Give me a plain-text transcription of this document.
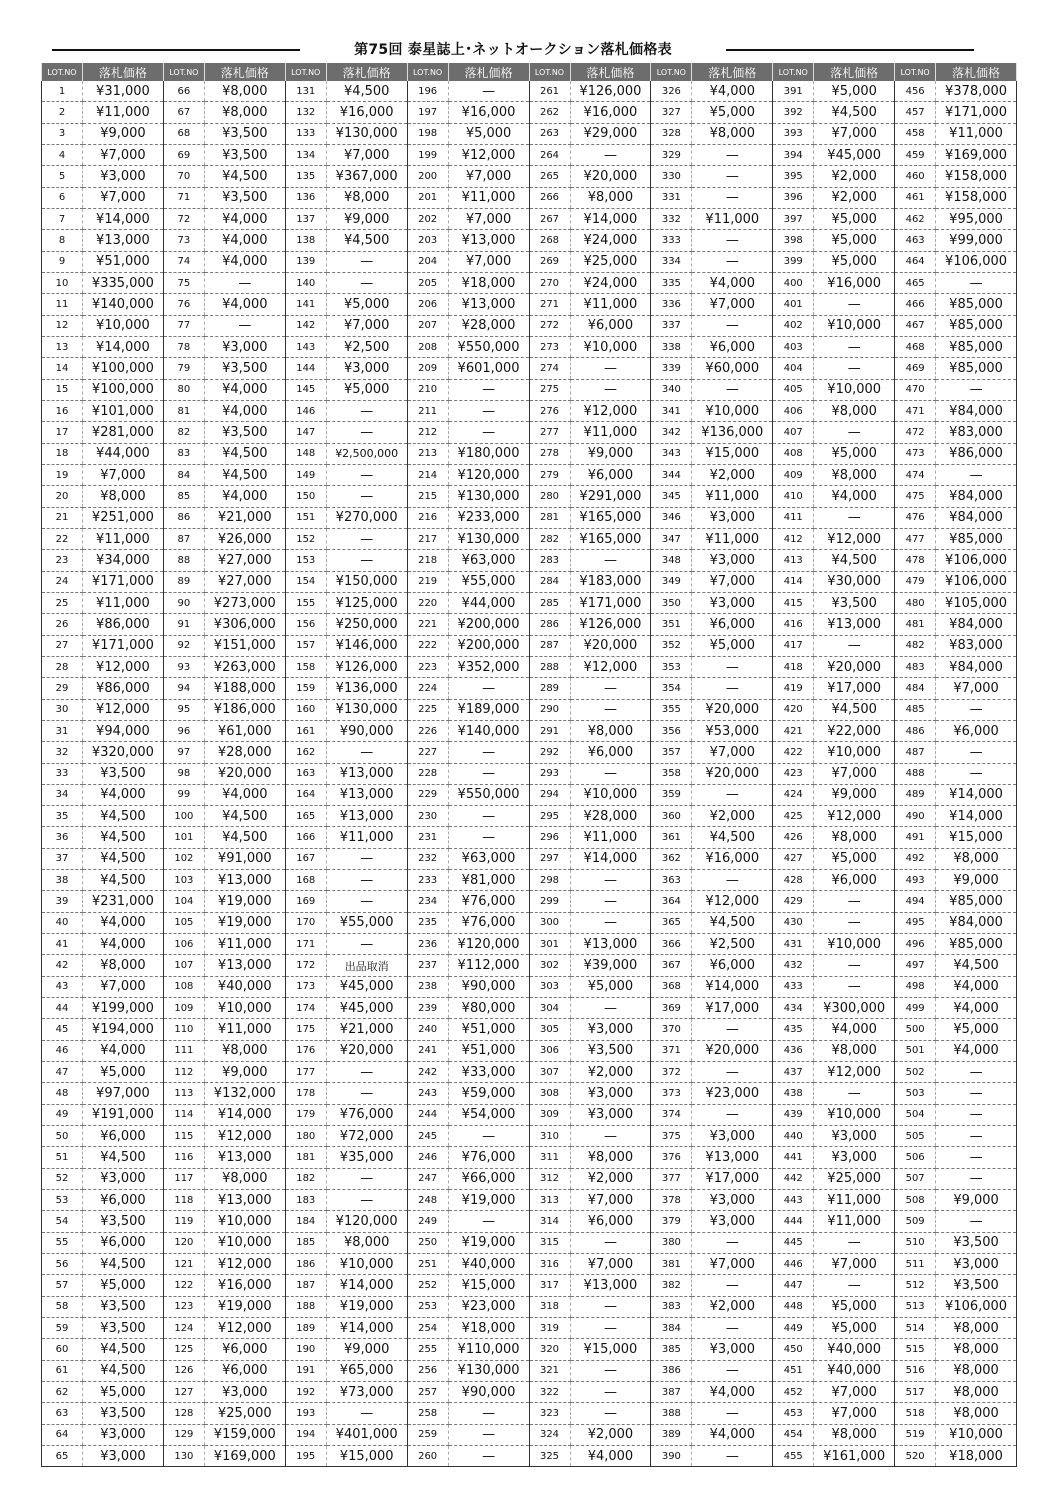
第75回 泰星誌上･ネットオークション落札価格表
LOT.NO	落札価格	LOT.NO	落札価格	LOT.NO	落札価格	LOT.NO	落札価格	LOT.NO	落札価格	LOT.NO	落札価格	LOT.NO	落札価格	LOT.NO	落札価格
1	¥31,000	66	¥8,000	131	¥4,500	196	—	261	¥126,000	326	¥4,000	391	¥5,000	456	¥378,000
2	¥11,000	67	¥8,000	132	¥16,000	197	¥16,000	262	¥16,000	327	¥5,000	392	¥4,500	457	¥171,000
3	¥9,000	68	¥3,500	133	¥130,000	198	¥5,000	263	¥29,000	328	¥8,000	393	¥7,000	458	¥11,000
4	¥7,000	69	¥3,500	134	¥7,000	199	¥12,000	264	—	329	—	394	¥45,000	459	¥169,000
5	¥3,000	70	¥4,500	135	¥367,000	200	¥7,000	265	¥20,000	330	—	395	¥2,000	460	¥158,000
6	¥7,000	71	¥3,500	136	¥8,000	201	¥11,000	266	¥8,000	331	—	396	¥2,000	461	¥158,000
7	¥14,000	72	¥4,000	137	¥9,000	202	¥7,000	267	¥14,000	332	¥11,000	397	¥5,000	462	¥95,000
8	¥13,000	73	¥4,000	138	¥4,500	203	¥13,000	268	¥24,000	333	—	398	¥5,000	463	¥99,000
9	¥51,000	74	¥4,000	139	—	204	¥7,000	269	¥25,000	334	—	399	¥5,000	464	¥106,000
10	¥335,000	75	—	140	—	205	¥18,000	270	¥24,000	335	¥4,000	400	¥16,000	465	—
11	¥140,000	76	¥4,000	141	¥5,000	206	¥13,000	271	¥11,000	336	¥7,000	401	—	466	¥85,000
12	¥10,000	77	—	142	¥7,000	207	¥28,000	272	¥6,000	337	—	402	¥10,000	467	¥85,000
13	¥14,000	78	¥3,000	143	¥2,500	208	¥550,000	273	¥10,000	338	¥6,000	403	—	468	¥85,000
14	¥100,000	79	¥3,500	144	¥3,000	209	¥601,000	274	—	339	¥60,000	404	—	469	¥85,000
15	¥100,000	80	¥4,000	145	¥5,000	210	—	275	—	340	—	405	¥10,000	470	—
16	¥101,000	81	¥4,000	146	—	211	—	276	¥12,000	341	¥10,000	406	¥8,000	471	¥84,000
17	¥281,000	82	¥3,500	147	—	212	—	277	¥11,000	342	¥136,000	407	—	472	¥83,000
18	¥44,000	83	¥4,500	148	¥2,500,000	213	¥180,000	278	¥9,000	343	¥15,000	408	¥5,000	473	¥86,000
19	¥7,000	84	¥4,500	149	—	214	¥120,000	279	¥6,000	344	¥2,000	409	¥8,000	474	—
20	¥8,000	85	¥4,000	150	—	215	¥130,000	280	¥291,000	345	¥11,000	410	¥4,000	475	¥84,000
21	¥251,000	86	¥21,000	151	¥270,000	216	¥233,000	281	¥165,000	346	¥3,000	411	—	476	¥84,000
22	¥11,000	87	¥26,000	152	—	217	¥130,000	282	¥165,000	347	¥11,000	412	¥12,000	477	¥85,000
23	¥34,000	88	¥27,000	153	—	218	¥63,000	283	—	348	¥3,000	413	¥4,500	478	¥106,000
24	¥171,000	89	¥27,000	154	¥150,000	219	¥55,000	284	¥183,000	349	¥7,000	414	¥30,000	479	¥106,000
25	¥11,000	90	¥273,000	155	¥125,000	220	¥44,000	285	¥171,000	350	¥3,000	415	¥3,500	480	¥105,000
26	¥86,000	91	¥306,000	156	¥250,000	221	¥200,000	286	¥126,000	351	¥6,000	416	¥13,000	481	¥84,000
27	¥171,000	92	¥151,000	157	¥146,000	222	¥200,000	287	¥20,000	352	¥5,000	417	—	482	¥83,000
28	¥12,000	93	¥263,000	158	¥126,000	223	¥352,000	288	¥12,000	353	—	418	¥20,000	483	¥84,000
29	¥86,000	94	¥188,000	159	¥136,000	224	—	289	—	354	—	419	¥17,000	484	¥7,000
30	¥12,000	95	¥186,000	160	¥130,000	225	¥189,000	290	—	355	¥20,000	420	¥4,500	485	—
31	¥94,000	96	¥61,000	161	¥90,000	226	¥140,000	291	¥8,000	356	¥53,000	421	¥22,000	486	¥6,000
32	¥320,000	97	¥28,000	162	—	227	—	292	¥6,000	357	¥7,000	422	¥10,000	487	—
33	¥3,500	98	¥20,000	163	¥13,000	228	—	293	—	358	¥20,000	423	¥7,000	488	—
34	¥4,000	99	¥4,000	164	¥13,000	229	¥550,000	294	¥10,000	359	—	424	¥9,000	489	¥14,000
35	¥4,500	100	¥4,500	165	¥13,000	230	—	295	¥28,000	360	¥2,000	425	¥12,000	490	¥14,000
36	¥4,500	101	¥4,500	166	¥11,000	231	—	296	¥11,000	361	¥4,500	426	¥8,000	491	¥15,000
37	¥4,500	102	¥91,000	167	—	232	¥63,000	297	¥14,000	362	¥16,000	427	¥5,000	492	¥8,000
38	¥4,500	103	¥13,000	168	—	233	¥81,000	298	—	363	—	428	¥6,000	493	¥9,000
39	¥231,000	104	¥19,000	169	—	234	¥76,000	299	—	364	¥12,000	429	—	494	¥85,000
40	¥4,000	105	¥19,000	170	¥55,000	235	¥76,000	300	—	365	¥4,500	430	—	495	¥84,000
41	¥4,000	106	¥11,000	171	—	236	¥120,000	301	¥13,000	366	¥2,500	431	¥10,000	496	¥85,000
42	¥8,000	107	¥13,000	172	出品取消	237	¥112,000	302	¥39,000	367	¥6,000	432	—	497	¥4,500
43	¥7,000	108	¥40,000	173	¥45,000	238	¥90,000	303	¥5,000	368	¥14,000	433	—	498	¥4,000
44	¥199,000	109	¥10,000	174	¥45,000	239	¥80,000	304	—	369	¥17,000	434	¥300,000	499	¥4,000
45	¥194,000	110	¥11,000	175	¥21,000	240	¥51,000	305	¥3,000	370	—	435	¥4,000	500	¥5,000
46	¥4,000	111	¥8,000	176	¥20,000	241	¥51,000	306	¥3,500	371	¥20,000	436	¥8,000	501	¥4,000
47	¥5,000	112	¥9,000	177	—	242	¥33,000	307	¥2,000	372	—	437	¥12,000	502	—
48	¥97,000	113	¥132,000	178	—	243	¥59,000	308	¥3,000	373	¥23,000	438	—	503	—
49	¥191,000	114	¥14,000	179	¥76,000	244	¥54,000	309	¥3,000	374	—	439	¥10,000	504	—
50	¥6,000	115	¥12,000	180	¥72,000	245	—	310	—	375	¥3,000	440	¥3,000	505	—
51	¥4,500	116	¥13,000	181	¥35,000	246	¥76,000	311	¥8,000	376	¥13,000	441	¥3,000	506	—
52	¥3,000	117	¥8,000	182	—	247	¥66,000	312	¥2,000	377	¥17,000	442	¥25,000	507	—
53	¥6,000	118	¥13,000	183	—	248	¥19,000	313	¥7,000	378	¥3,000	443	¥11,000	508	¥9,000
54	¥3,500	119	¥10,000	184	¥120,000	249	—	314	¥6,000	379	¥3,000	444	¥11,000	509	—
55	¥6,000	120	¥10,000	185	¥8,000	250	¥19,000	315	—	380	—	445	—	510	¥3,500
56	¥4,500	121	¥12,000	186	¥10,000	251	¥40,000	316	¥7,000	381	¥7,000	446	¥7,000	511	¥3,000
57	¥5,000	122	¥16,000	187	¥14,000	252	¥15,000	317	¥13,000	382	—	447	—	512	¥3,500
58	¥3,500	123	¥19,000	188	¥19,000	253	¥23,000	318	—	383	¥2,000	448	¥5,000	513	¥106,000
59	¥3,500	124	¥12,000	189	¥14,000	254	¥18,000	319	—	384	—	449	¥5,000	514	¥8,000
60	¥4,500	125	¥6,000	190	¥9,000	255	¥110,000	320	¥15,000	385	¥3,000	450	¥40,000	515	¥8,000
61	¥4,500	126	¥6,000	191	¥65,000	256	¥130,000	321	—	386	—	451	¥40,000	516	¥8,000
62	¥5,000	127	¥3,000	192	¥73,000	257	¥90,000	322	—	387	¥4,000	452	¥7,000	517	¥8,000
63	¥3,500	128	¥25,000	193	—	258	—	323	—	388	—	453	¥7,000	518	¥8,000
64	¥3,000	129	¥159,000	194	¥401,000	259	—	324	¥2,000	389	¥4,000	454	¥8,000	519	¥10,000
65	¥3,000	130	¥169,000	195	¥15,000	260	—	325	¥4,000	390	—	455	¥161,000	520	¥18,000
